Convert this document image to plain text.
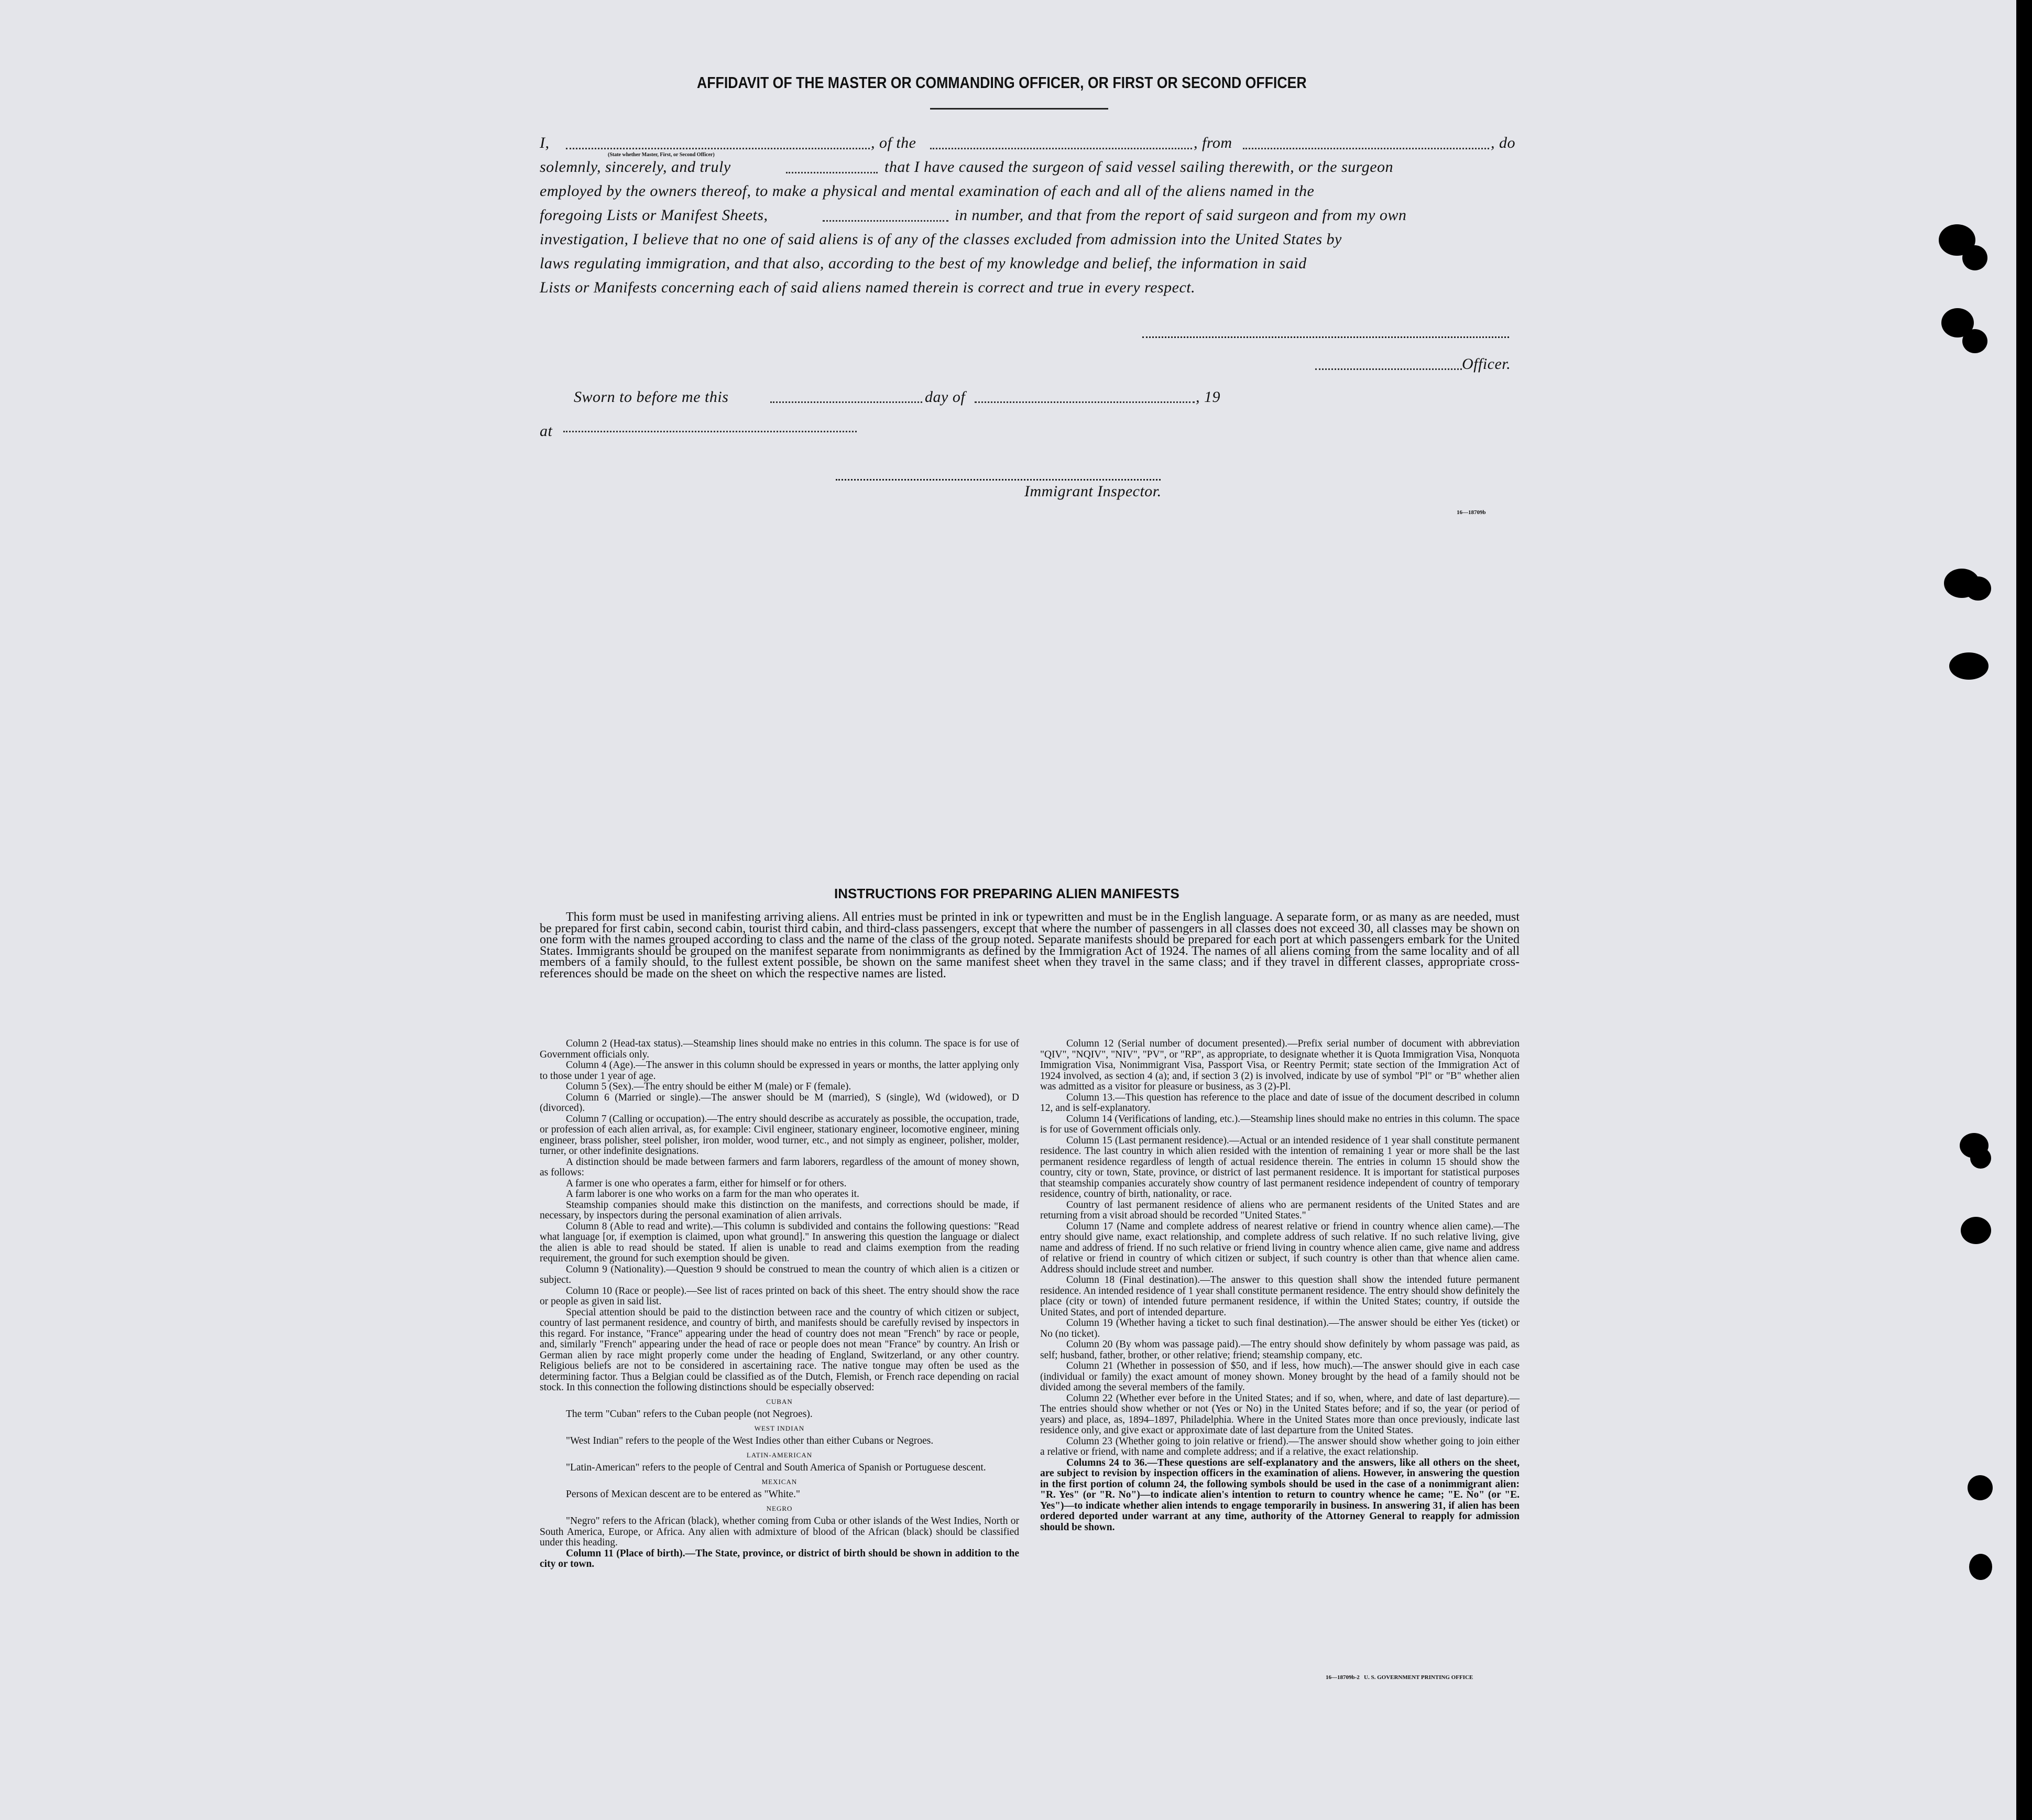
AFFIDAVIT OF THE MASTER OR COMMANDING OFFICER, OR FIRST OR SECOND OFFICER
I,
(State whether Master, First, or Second Officer)
, of the	, from	, do
solemnly, sincerely, and truly	that I have caused the surgeon of said vessel sailing therewith, or the surgeon
employed by the owners thereof, to make a physical and mental examination of each and all of the aliens named in the
foregoing Lists or Manifest Sheets,	in number, and that from the report of said surgeon and from my own
investigation, I believe that no one of said aliens is of any of the classes excluded from admission into the United States by
laws regulating immigration, and that also, according to the best of my knowledge and belief, the information in said
Lists or Manifests concerning each of said aliens named therein is correct and true in every respect.
Officer.
Sworn to before me this	day of	, 19
at
Immigrant Inspector.
16—18709b
INSTRUCTIONS FOR PREPARING ALIEN MANIFESTS

This form must be used in manifesting arriving aliens. All entries must be printed in ink or typewritten and must be in the English language. A separate form, or as many as are needed, must be prepared for first cabin, second cabin, tourist third cabin, and third-class passengers, except that where the number of passengers in all classes does not exceed 30, all classes may be shown on one form with the names grouped according to class and the name of the class of the group noted. Separate manifests should be prepared for each port at which passengers embark for the United States. Immigrants should be grouped on the manifest separate from nonimmigrants as defined by the Immigration Act of 1924. The names of all aliens coming from the same locality and of all members of a family should, to the fullest extent possible, be shown on the same manifest sheet when they travel in the same class; and if they travel in different classes, appropriate cross-references should be made on the sheet on which the respective names are listed.

Column 2 (Head-tax status).—Steamship lines should make no entries in this column. The space is for use of Government officials only.

Column 4 (Age).—The answer in this column should be expressed in years or months, the latter applying only to those under 1 year of age.

Column 5 (Sex).—The entry should be either M (male) or F (female).

Column 6 (Married or single).—The answer should be M (married), S (single), Wd (widowed), or D (divorced).

Column 7 (Calling or occupation).—The entry should describe as accurately as possible, the occupation, trade, or profession of each alien arrival, as, for example: Civil engineer, stationary engineer, locomotive engineer, mining engineer, brass polisher, steel polisher, iron molder, wood turner, etc., and not simply as engineer, polisher, molder, turner, or other indefinite designations.

A distinction should be made between farmers and farm laborers, regardless of the amount of money shown, as follows:

A farmer is one who operates a farm, either for himself or for others.

A farm laborer is one who works on a farm for the man who operates it.

Steamship companies should make this distinction on the manifests, and corrections should be made, if necessary, by inspectors during the personal examination of alien arrivals.

Column 8 (Able to read and write).—This column is subdivided and contains the following questions: "Read what language [or, if exemption is claimed, upon what ground]." In answering this question the language or dialect the alien is able to read should be stated. If alien is unable to read and claims exemption from the reading requirement, the ground for such exemption should be given.

Column 9 (Nationality).—Question 9 should be construed to mean the country of which alien is a citizen or subject.

Column 10 (Race or people).—See list of races printed on back of this sheet. The entry should show the race or people as given in said list.

Special attention should be paid to the distinction between race and the country of which citizen or subject, country of last permanent residence, and country of birth, and manifests should be carefully revised by inspectors in this regard. For instance, "France" appearing under the head of country does not mean "French" by race or people, and, similarly "French" appearing under the head of race or people does not mean "France" by country. An Irish or German alien by race might properly come under the heading of England, Switzerland, or any other country. Religious beliefs are not to be considered in ascertaining race. The native tongue may often be used as the determining factor. Thus a Belgian could be classified as of the Dutch, Flemish, or French race depending on racial stock. In this connection the following distinctions should be especially observed:

CUBAN

The term "Cuban" refers to the Cuban people (not Negroes).

WEST INDIAN

"West Indian" refers to the people of the West Indies other than either Cubans or Negroes.

LATIN-AMERICAN

"Latin-American" refers to the people of Central and South America of Spanish or Portuguese descent.

MEXICAN

Persons of Mexican descent are to be entered as "White."

NEGRO

"Negro" refers to the African (black), whether coming from Cuba or other islands of the West Indies, North or South America, Europe, or Africa. Any alien with admixture of blood of the African (black) should be classified under this heading.

Column 11 (Place of birth).—The State, province, or district of birth should be shown in addition to the city or town.

Column 12 (Serial number of document presented).—Prefix serial number of document with abbreviation "QIV", "NQIV", "NIV", "PV", or "RP", as appropriate, to designate whether it is Quota Immigration Visa, Nonquota Immigration Visa, Nonimmigrant Visa, Passport Visa, or Reentry Permit; state section of the Immigration Act of 1924 involved, as section 4 (a); and, if section 3 (2) is involved, indicate by use of symbol "Pl" or "B" whether alien was admitted as a visitor for pleasure or business, as 3 (2)-Pl.

Column 13.—This question has reference to the place and date of issue of the document described in column 12, and is self-explanatory.

Column 14 (Verifications of landing, etc.).—Steamship lines should make no entries in this column. The space is for use of Government officials only.

Column 15 (Last permanent residence).—Actual or an intended residence of 1 year shall constitute permanent residence. The last country in which alien resided with the intention of remaining 1 year or more shall be the last permanent residence regardless of length of actual residence therein. The entries in column 15 should show the country, city or town, State, province, or district of last permanent residence. It is important for statistical purposes that steamship companies accurately show country of last permanent residence independent of country of temporary residence, country of birth, nationality, or race.

Country of last permanent residence of aliens who are permanent residents of the United States and are returning from a visit abroad should be recorded "United States."

Column 17 (Name and complete address of nearest relative or friend in country whence alien came).—The entry should give name, exact relationship, and complete address of such relative. If no such relative living, give name and address of friend. If no such relative or friend living in country whence alien came, give name and address of relative or friend in country of which citizen or subject, if such country is other than that whence alien came. Address should include street and number.

Column 18 (Final destination).—The answer to this question shall show the intended future permanent residence. An intended residence of 1 year shall constitute permanent residence. The entry should show definitely the place (city or town) of intended future permanent residence, if within the United States; country, if outside the United States, and port of intended departure.

Column 19 (Whether having a ticket to such final destination).—The answer should be either Yes (ticket) or No (no ticket).

Column 20 (By whom was passage paid).—The entry should show definitely by whom passage was paid, as self; husband, father, brother, or other relative; friend; steamship company, etc.

Column 21 (Whether in possession of $50, and if less, how much).—The answer should give in each case (individual or family) the exact amount of money shown. Money brought by the head of a family should not be divided among the several members of the family.

Column 22 (Whether ever before in the United States; and if so, when, where, and date of last departure).—The entries should show whether or not (Yes or No) in the United States before; and if so, the year (or period of years) and place, as, 1894–1897, Philadelphia. Where in the United States more than once previously, indicate last residence only, and give exact or approximate date of last departure from the United States.

Column 23 (Whether going to join relative or friend).—The answer should show whether going to join either a relative or friend, with name and complete address; and if a relative, the exact relationship.

Columns 24 to 36.—These questions are self-explanatory and the answers, like all others on the sheet, are subject to revision by inspection officers in the examination of aliens. However, in answering the question in the first portion of column 24, the following symbols should be used in the case of a nonimmigrant alien: "R. Yes" (or "R. No")—to indicate alien's intention to return to country whence he came; "E. No" (or "E. Yes")—to indicate whether alien intends to engage temporarily in business. In answering 31, if alien has been ordered deported under warrant at any time, authority of the Attorney General to reapply for admission should be shown.

16—18709b-2   U. S. GOVERNMENT PRINTING OFFICE
